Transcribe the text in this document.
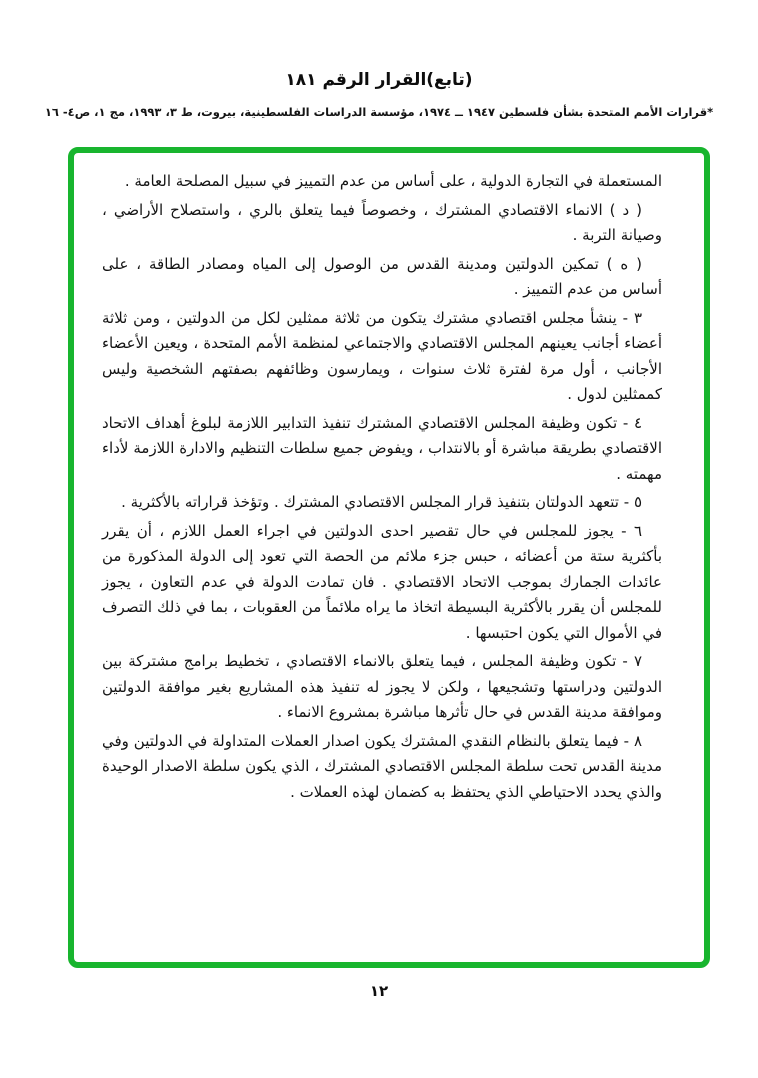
(تابع)القرار الرقم ١٨١
*قرارات الأمم المتحدة بشأن فلسطين ١٩٤٧ ــ ١٩٧٤، مؤسسة الدراسات الفلسطينية، بيروت، ط ٣، ١٩٩٣، مج ١، ص٤- ١٦

المستعملة في التجارة الدولية ، على أساس من عدم التمييز في سبيل المصلحة العامة .

( د ) الانماء الاقتصادي المشترك ، وخصوصاً فيما يتعلق بالري ، واستصلاح الأراضي ، وصيانة التربة .

( ه ) تمكين الدولتين ومدينة القدس من الوصول إلى المياه ومصادر الطاقة ، على أساس من عدم التمييز .

٣ - ينشأ مجلس اقتصادي مشترك يتكون من ثلاثة ممثلين لكل من الدولتين ، ومن ثلاثة أعضاء أجانب يعينهم المجلس الاقتصادي والاجتماعي لمنظمة الأمم المتحدة ، ويعين الأعضاء الأجانب ، أول مرة لفترة ثلاث سنوات ، ويمارسون وظائفهم بصفتهم الشخصية وليس كممثلين لدول .

٤ - تكون وظيفة المجلس الاقتصادي المشترك تنفيذ التدابير اللازمة لبلوغ أهداف الاتحاد الاقتصادي بطريقة مباشرة أو بالانتداب ، ويفوض جميع سلطات التنظيم والادارة اللازمة لأداء مهمته .

٥ - تتعهد الدولتان بتنفيذ قرار المجلس الاقتصادي المشترك . وتؤخذ قراراته بالأكثرية .

٦ - يجوز للمجلس في حال تقصير احدى الدولتين في اجراء العمل اللازم ، أن يقرر بأكثرية ستة من أعضائه ، حبس جزء ملائم من الحصة التي تعود إلى الدولة المذكورة من عائدات الجمارك بموجب الاتحاد الاقتصادي . فان تمادت الدولة في عدم التعاون ، يجوز للمجلس أن يقرر بالأكثرية البسيطة اتخاذ ما يراه ملائماً من العقوبات ، بما في ذلك التصرف في الأموال التي يكون احتبسها .

٧ - تكون وظيفة المجلس ، فيما يتعلق بالانماء الاقتصادي ، تخطيط برامج مشتركة بين الدولتين ودراستها وتشجيعها ، ولكن لا يجوز له تنفيذ هذه المشاريع بغير موافقة الدولتين وموافقة مدينة القدس في حال تأثرها مباشرة بمشروع الانماء .

٨ - فيما يتعلق بالنظام النقدي المشترك يكون اصدار العملات المتداولة في الدولتين وفي مدينة القدس تحت سلطة المجلس الاقتصادي المشترك ، الذي يكون سلطة الاصدار الوحيدة والذي يحدد الاحتياطي الذي يحتفظ به كضمان لهذه العملات .

١٢
